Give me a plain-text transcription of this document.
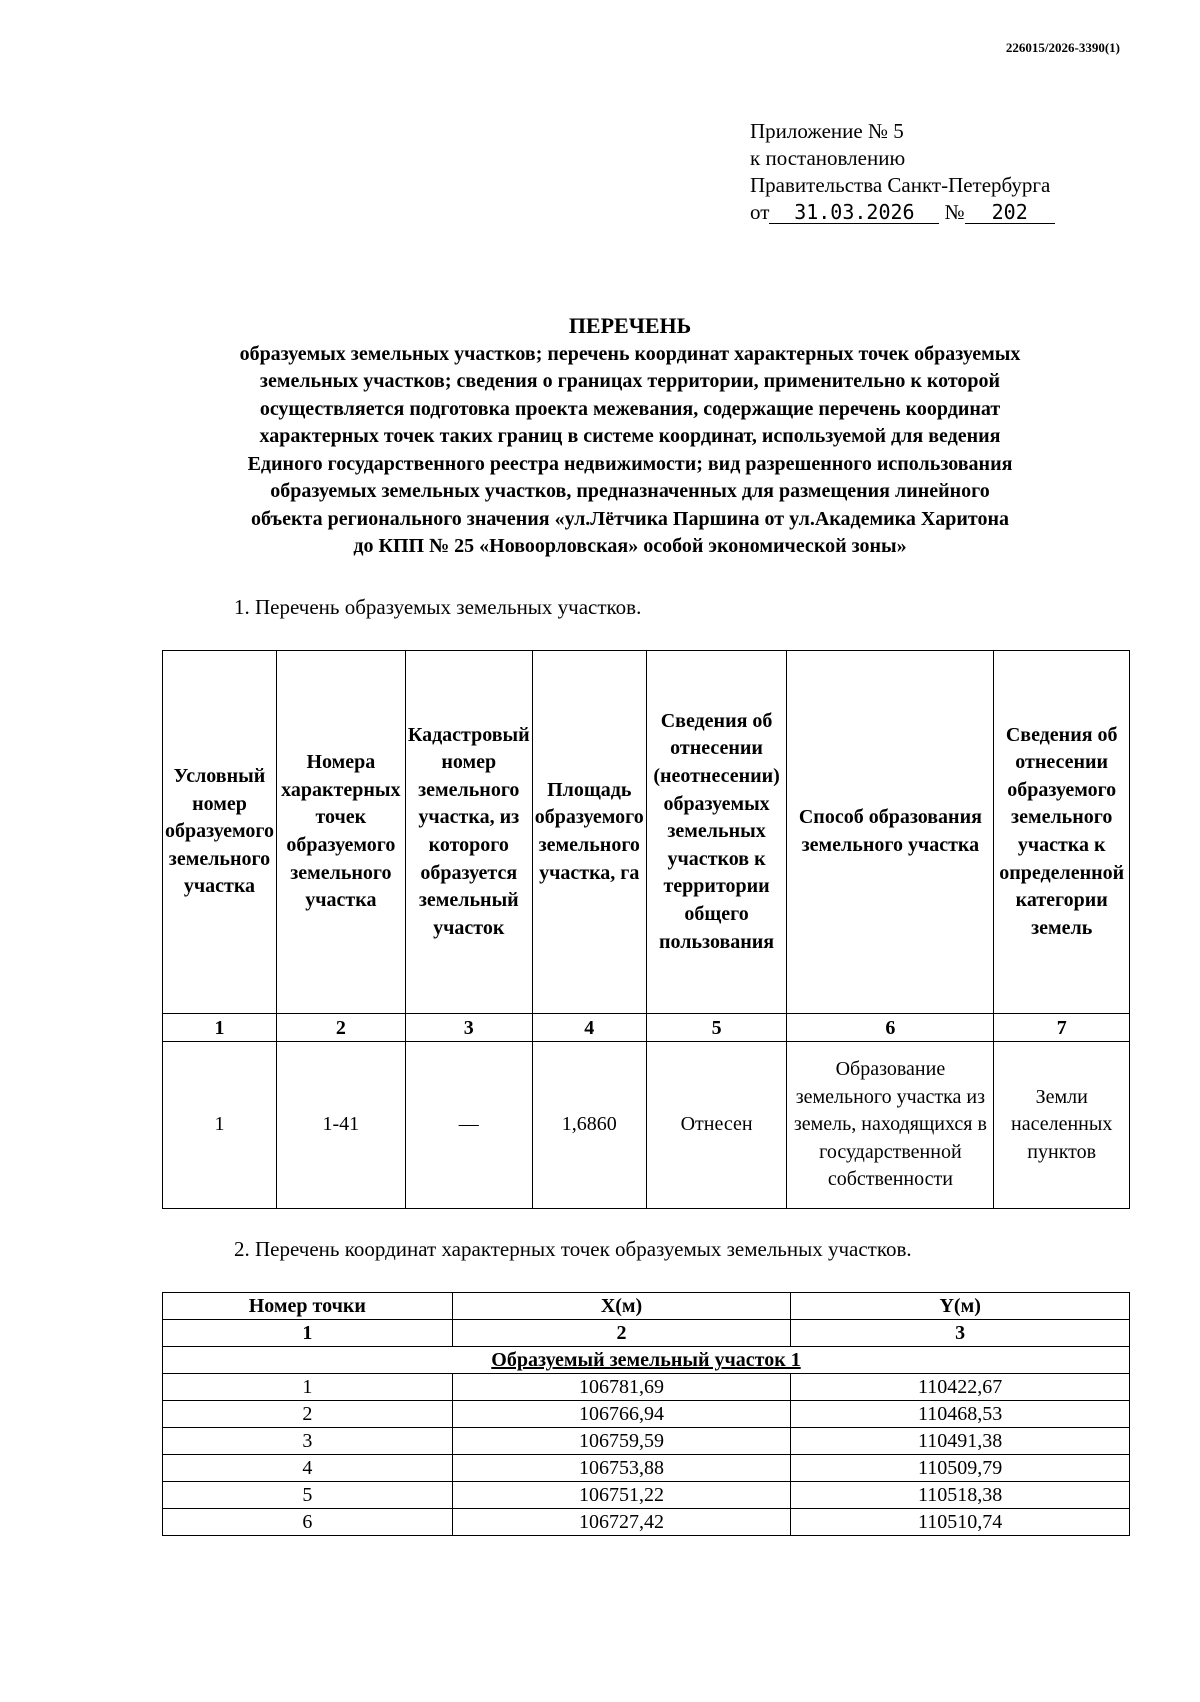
226015/2026-3390(1)
Приложение № 5
к постановлению
Правительства Санкт-Петербурга
от 31.03.2026 № 202
ПЕРЕЧЕНЬ
образуемых земельных участков; перечень координат характерных точек образуемых
земельных участков; сведения о границах территории, применительно к которой
осуществляется подготовка проекта межевания, содержащие перечень координат
характерных точек таких границ в системе координат, используемой для ведения
Единого государственного реестра недвижимости; вид разрешенного использования
образуемых земельных участков, предназначенных для размещения линейного
объекта регионального значения «ул.Лётчика Паршина от ул.Академика Харитона
до КПП № 25 «Новоорловская» особой экономической зоны»
1. Перечень образуемых земельных участков.
Условный номер образуемого земельного участка	Номера характерных точек образуемого земельного участка	Кадастровый номер земельного участка, из которого образуется земельный участок	Площадь образуемого земельного участка, га	Сведения об отнесении (неотнесении) образуемых земельных участков к территории общего пользования	Способ образования земельного участка	Сведения об отнесении образуемого земельного участка к определенной категории земель
1	2	3	4	5	6	7
1	1-41	—	1,6860	Отнесен	Образование земельного участка из земель, находящихся в государственной собственности	Земли населенных пунктов
2. Перечень координат характерных точек образуемых земельных участков.
Номер точки	X(м)	Y(м)
1	2	3
Образуемый земельный участок 1		
1	106781,69	110422,67
2	106766,94	110468,53
3	106759,59	110491,38
4	106753,88	110509,79
5	106751,22	110518,38
6	106727,42	110510,74
